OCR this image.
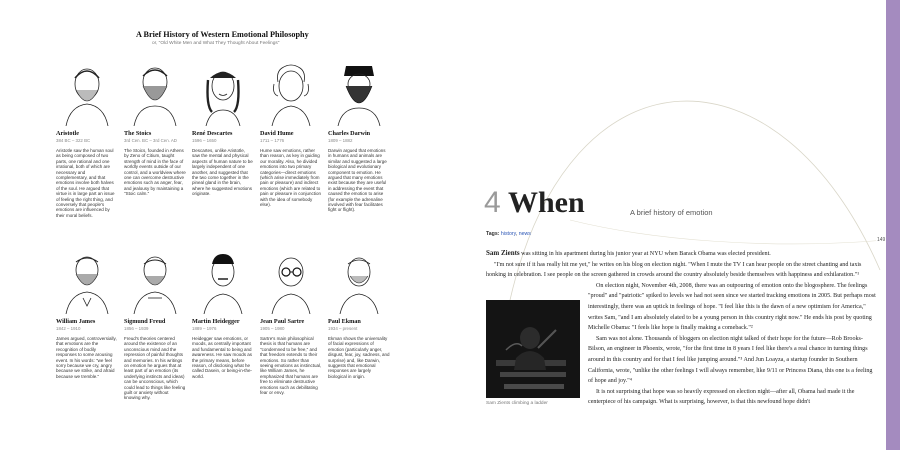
A Brief History of Western Emotional Philosophy
or, "Old White Men and What They Thought About Feelings"
Aristotle
384 BC – 322 BC
Aristotle saw the human soul as being composed of two parts, one rational and one irrational, both of which are necessary and complementary, and that emotions involve both halves of the soul. He argued that virtue is in large part an issue of feeling the right thing, and conversely that people's emotions are influenced by their moral beliefs.
The Stoics
3rd Cen. BC – 3rd Cen. AD
The Stoics, founded in Athens by Zeno of Citium, taught strength of mind in the face of worldly events outside of our control, and a worldview where one can overcome destructive emotions such as anger, fear, and jealousy by maintaining a "Stoic calm."
René Descartes
1596 – 1650
Descartes, unlike Aristotle, saw the mental and physical aspects of human nature to be largely independent of one another, and suggested that the two come together in the pineal gland in the brain, where he suggested emotions originate.
David Hume
1711 – 1776
Hume saw emotions, rather than reason, as key in guiding our morality. Also, he divided emotions into two primary categories—direct emotions (which arise immediately from pain or pleasure) and indirect emotions (which are related to pain or pleasure in conjunction with the idea of somebody else).
Charles Darwin
1809 – 1882
Darwin argued that emotions in humans and animals are similar and suggested a large biological and evolutionary component to emotion. He argued that many emotions exist because they are useful in addressing the event that caused the emotion to arise (for example the adrenaline involved with fear facilitates fight or flight).
William James
1842 – 1910
James argued, controversially, that emotions are the recognition of bodily responses to some arousing event. In his words: "we feel sorry because we cry, angry because we strike, and afraid because we tremble."
Sigmund Freud
1856 – 1939
Freud's theories centered around the existence of an unconscious mind and the repression of painful thoughts and memories. In his writings on emotion he argues that at least part of an emotion (its underlying instincts and ideas) can be unconscious, which could lead to things like feeling guilt or anxiety without knowing why.
Martin Heidegger
1889 – 1976
Heidegger saw emotions, or moods, as centrally important and fundamental to being and awareness. He saw moods as the primary means, before reason, of disclosing what he called Dasein, or being-in-the-world.
Jean Paul Sartre
1905 – 1980
Sartre's main philosophical thesis is that humans are "condemned to be free," and that freedom extends to their emotions. So rather than seeing emotions as instinctual, like William James, he emphasized that humans are free to eliminate destructive emotions such as debilitating fear or envy.
Paul Ekman
1934 – present
Ekman shows the universality of facial expressions of emotion (particularly anger, disgust, fear, joy, sadness, and surprise) and, like Darwin, suggests that emotional responses are largely biological in origin.
4 When	A brief history of emotion
Tags: history, news
149

Sam Zients was sitting in his apartment during his junior year at NYU when Barack Obama was elected president.

"I'm not sure if it has really hit me yet," he writes on his blog on election night. "When I mute the TV I can hear people on the street chanting and taxis honking in celebration. I see people on the screen gathered in crowds around the country absolutely beside themselves with happiness and exhilaration."¹

On election night, November 4th, 2008, there was an outpouring of emotion onto the blogosphere. The feelings "proud" and "patriotic" spiked to levels we had not seen since we started tracking emotions in 2005. But perhaps most interestingly, there was an uptick in feelings of hope. "I feel like this is the dawn of a new optimism for America," writes Sam, "and I am absolutely elated to be a young person in this country right now." He ends his post by quoting Michelle Obama: "I feels like hope is finally making a comeback."²

Sam was not alone. Thousands of bloggers on election night talked of their hope for the future—Rob Brooks-Bilson, an engineer in Phoenix, wrote, "for the first time in 8 years I feel like there's a real chance in turning things around in this country and for that I feel like jumping around."³ And Jun Loayza, a startup founder in Southern California, wrote, "unlike the other feelings I will always remember, like 9/11 or Princess Diana, this one is a feeling of hope and joy."⁴

It is not surprising that hope was so heavily expressed on election night—after all, Obama had made it the centerpiece of his campaign. What is surprising, however, is that this newfound hope didn't

Sam Zients climbing a ladder
